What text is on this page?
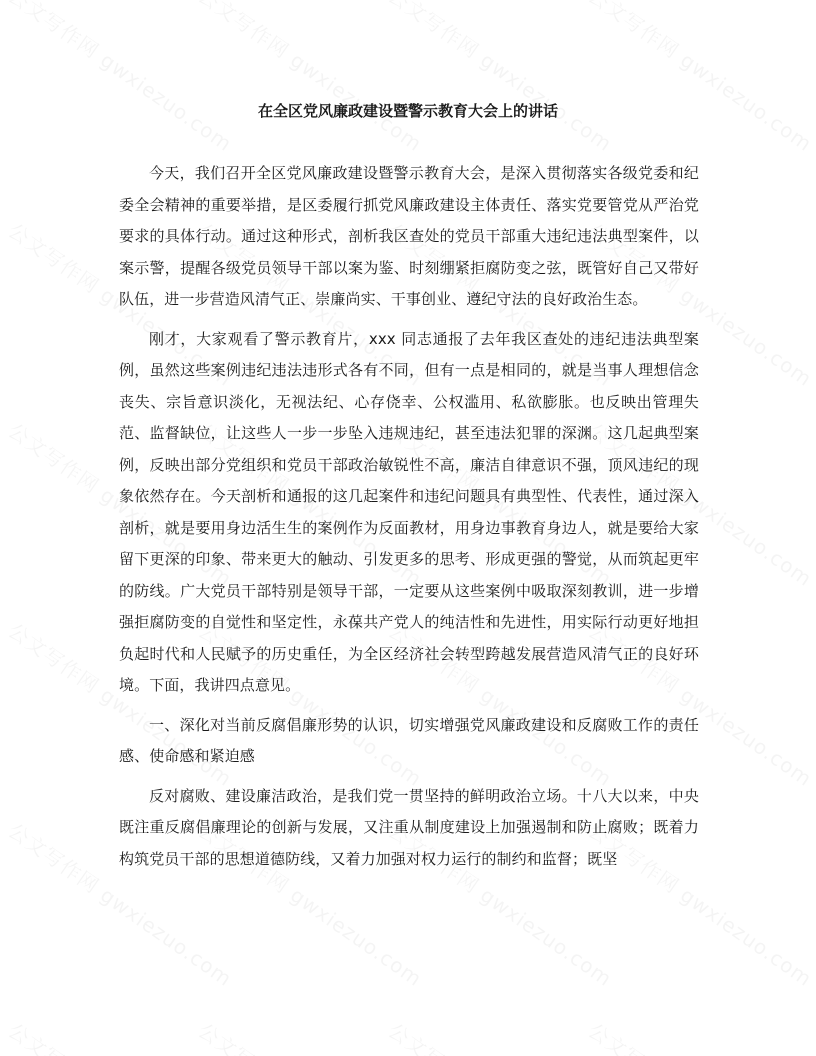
在全区党风廉政建设暨警示教育大会上的讲话

今天，我们召开全区党风廉政建设暨警示教育大会，是深入贯彻落实各级党委和纪委全会精神的重要举措，是区委履行抓党风廉政建设主体责任、落实党要管党从严治党要求的具体行动。通过这种形式，剖析我区查处的党员干部重大违纪违法典型案件，以案示警，提醒各级党员领导干部以案为鉴、时刻绷紧拒腐防变之弦，既管好自己又带好队伍，进一步营造风清气正、崇廉尚实、干事创业、遵纪守法的良好政治生态。

刚才，大家观看了警示教育片，xxx 同志通报了去年我区查处的违纪违法典型案例，虽然这些案例违纪违法违形式各有不同，但有一点是相同的，就是当事人理想信念丧失、宗旨意识淡化，无视法纪、心存侥幸、公权滥用、私欲膨胀。也反映出管理失范、监督缺位，让这些人一步一步坠入违规违纪，甚至违法犯罪的深渊。这几起典型案例，反映出部分党组织和党员干部政治敏锐性不高，廉洁自律意识不强，顶风违纪的现象依然存在。今天剖析和通报的这几起案件和违纪问题具有典型性、代表性，通过深入剖析，就是要用身边活生生的案例作为反面教材，用身边事教育身边人，就是要给大家留下更深的印象、带来更大的触动、引发更多的思考、形成更强的警觉，从而筑起更牢的防线。广大党员干部特别是领导干部，一定要从这些案例中吸取深刻教训，进一步增强拒腐防变的自觉性和坚定性，永葆共产党人的纯洁性和先进性，用实际行动更好地担负起时代和人民赋予的历史重任，为全区经济社会转型跨越发展营造风清气正的良好环境。下面，我讲四点意见。

一、深化对当前反腐倡廉形势的认识，切实增强党风廉政建设和反腐败工作的责任感、使命感和紧迫感

反对腐败、建设廉洁政治，是我们党一贯坚持的鲜明政治立场。十八大以来，中央既注重反腐倡廉理论的创新与发展，又注重从制度建设上加强遏制和防止腐败；既着力构筑党员干部的思想道德防线，又着力加强对权力运行的制约和监督；既坚
